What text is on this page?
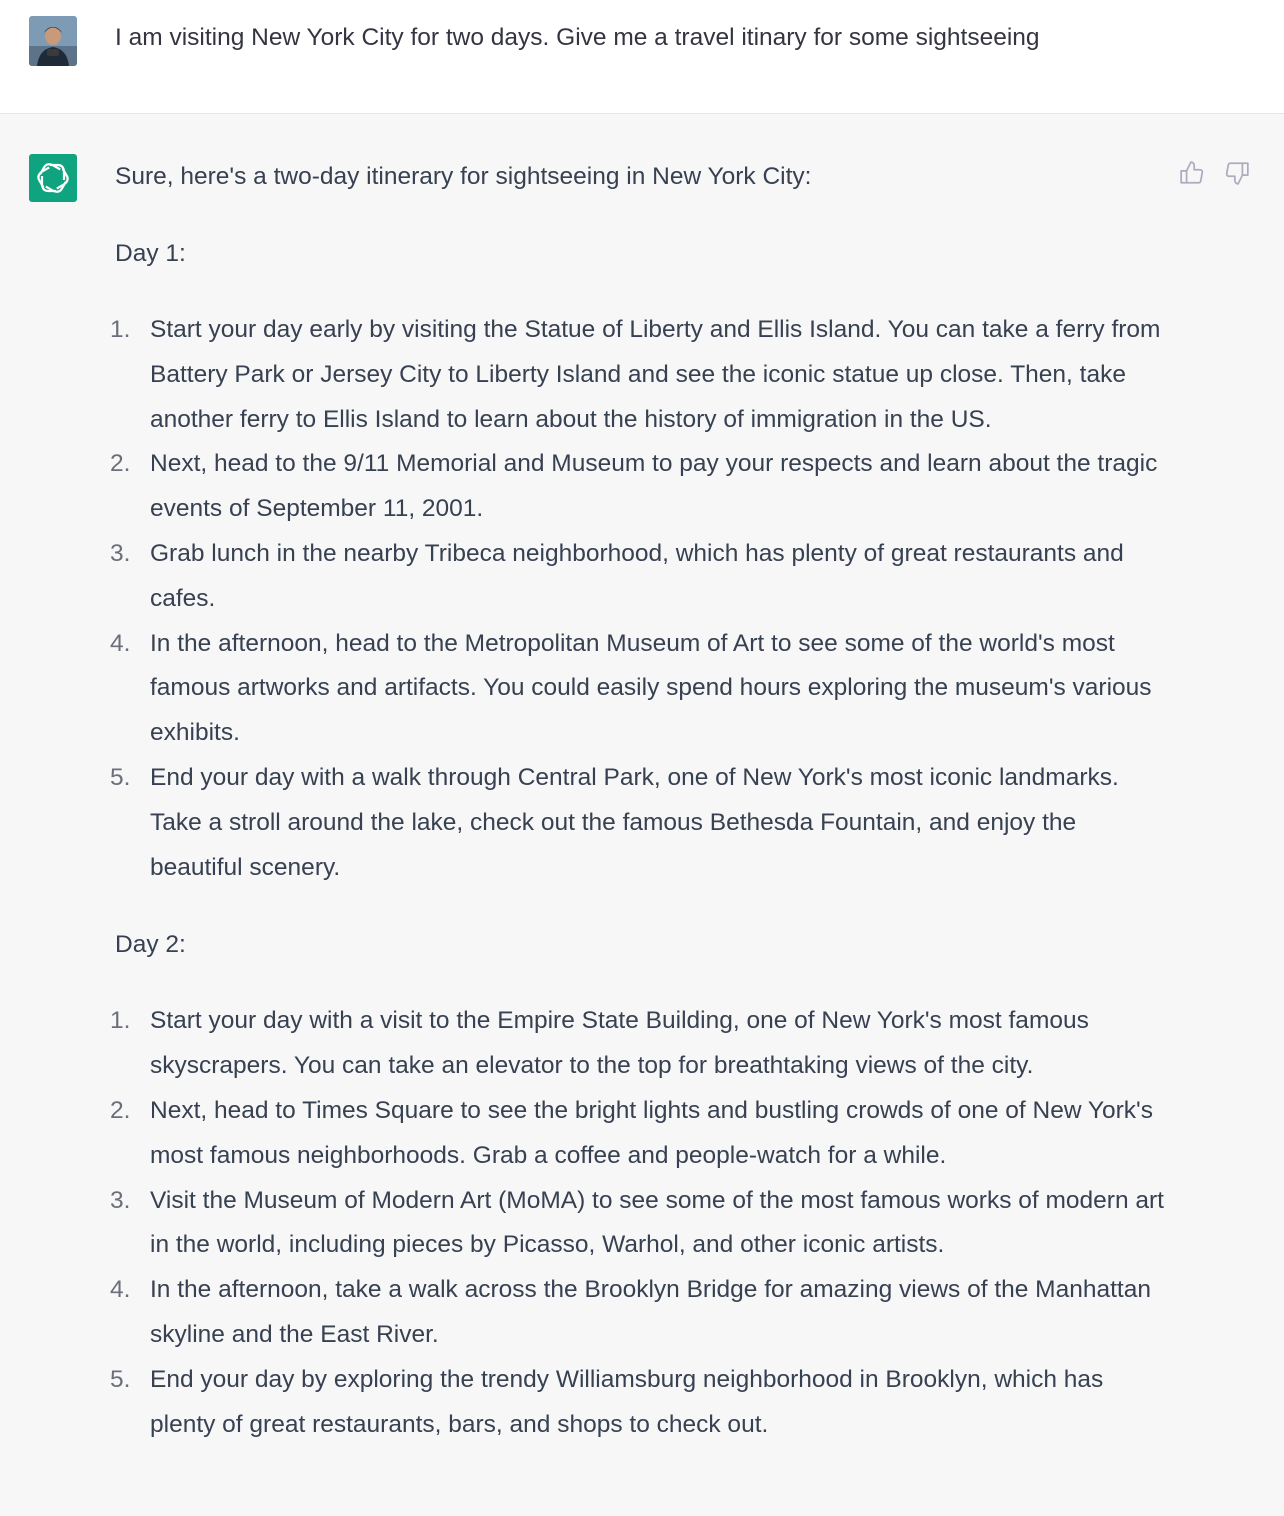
I am visiting New York City for two days. Give me a travel itinary for some sightseeing

Sure, here's a two-day itinerary for sightseeing in New York City:

Day 1:

1. Start your day early by visiting the Statue of Liberty and Ellis Island. You can take a ferry from Battery Park or Jersey City to Liberty Island and see the iconic statue up close. Then, take another ferry to Ellis Island to learn about the history of immigration in the US.
2. Next, head to the 9/11 Memorial and Museum to pay your respects and learn about the tragic events of September 11, 2001.
3. Grab lunch in the nearby Tribeca neighborhood, which has plenty of great restaurants and cafes.
4. In the afternoon, head to the Metropolitan Museum of Art to see some of the world's most famous artworks and artifacts. You could easily spend hours exploring the museum's various exhibits.
5. End your day with a walk through Central Park, one of New York's most iconic landmarks. Take a stroll around the lake, check out the famous Bethesda Fountain, and enjoy the beautiful scenery.

Day 2:

1. Start your day with a visit to the Empire State Building, one of New York's most famous skyscrapers. You can take an elevator to the top for breathtaking views of the city.
2. Next, head to Times Square to see the bright lights and bustling crowds of one of New York's most famous neighborhoods. Grab a coffee and people-watch for a while.
3. Visit the Museum of Modern Art (MoMA) to see some of the most famous works of modern art in the world, including pieces by Picasso, Warhol, and other iconic artists.
4. In the afternoon, take a walk across the Brooklyn Bridge for amazing views of the Manhattan skyline and the East River.
5. End your day by exploring the trendy Williamsburg neighborhood in Brooklyn, which has plenty of great restaurants, bars, and shops to check out.
